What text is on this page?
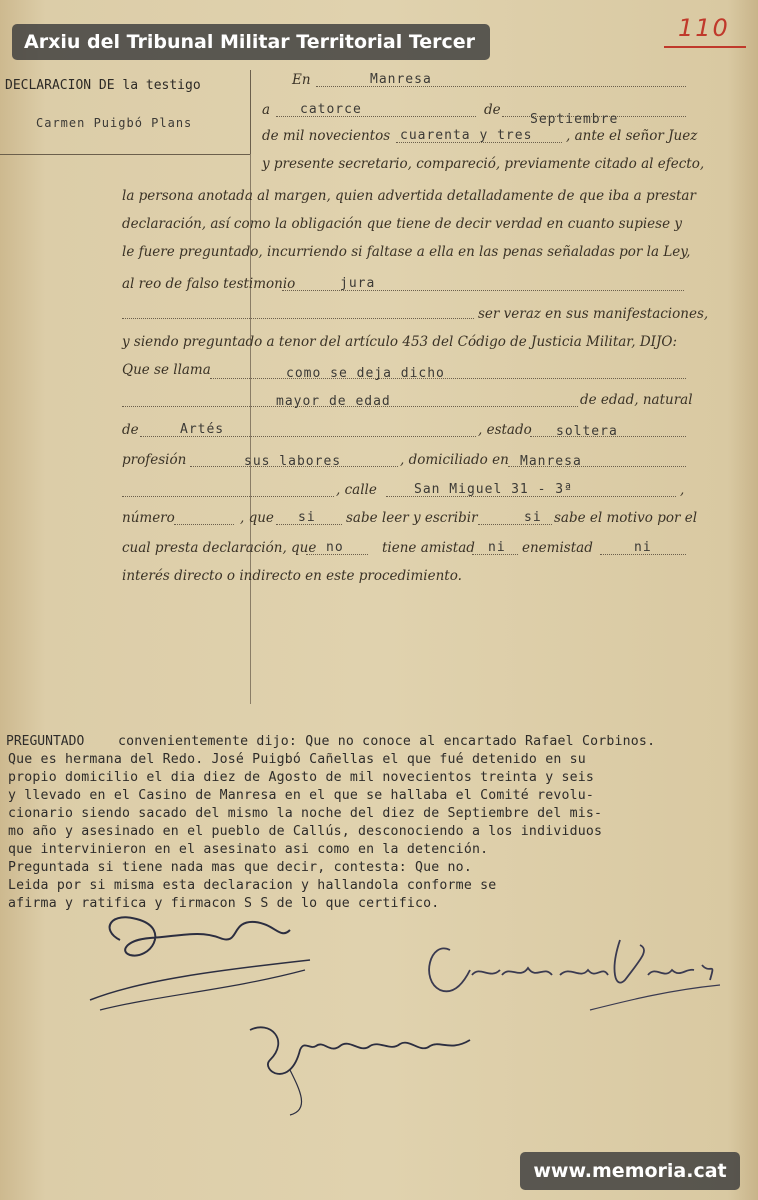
Arxiu del Tribunal Militar Territorial Tercer	110
DECLARACION DE la testigo
Carmen Puigbó Plans
En	Manresa
a catorce	de
Septiembre
de mil novecientos cuarenta y tres , ante el señor Juez
y presente secretario, compareció, previamente citado al efecto,
la persona anotada al margen, quien advertida detalladamente de que iba a prestar
declaración, así como la obligación que tiene de decir verdad en cuanto supiese y
le fuere preguntado, incurriendo si faltase a ella en las penas señaladas por la Ley,
al reo de falso testimonio	jura
ser veraz en sus manifestaciones,
y siendo preguntado a tenor del artículo 453 del Código de Justicia Militar, DIJO:
Que se llama	como se deja dicho
mayor de edad	de edad, natural
de	Artés	, estado soltera
profesión	sus labores	, domiciliado en Manresa
, calle	San Miguel 31 - 3ª	,
número	, que si sabe leer y escribir	si sabe el motivo por el
cual presta declaración, que no	tiene amistad ni enemistad	ni
interés directo o indirecto en este procedimiento.
PREGUNTADO	convenientemente dijo: Que no conoce al encartado Rafael Corbinos.
Que es hermana del Redo. José Puigbó Cañellas el que fué detenido en su
propio domicilio el dia diez de Agosto de mil novecientos treinta y seis
y llevado en el Casino de Manresa en el que se hallaba el Comité revolu-
cionario siendo sacado del mismo la noche del diez de Septiembre del mis-
mo año y asesinado en el pueblo de Callús, desconociendo a los individuos
que intervinieron en el asesinato asi como en la detención.
Preguntada si tiene nada mas que decir, contesta: Que no.
Leida por si misma esta declaracion y hallandola conforme se
afirma y ratifica y firmacon S S de lo que certifico.
www.memoria.cat
